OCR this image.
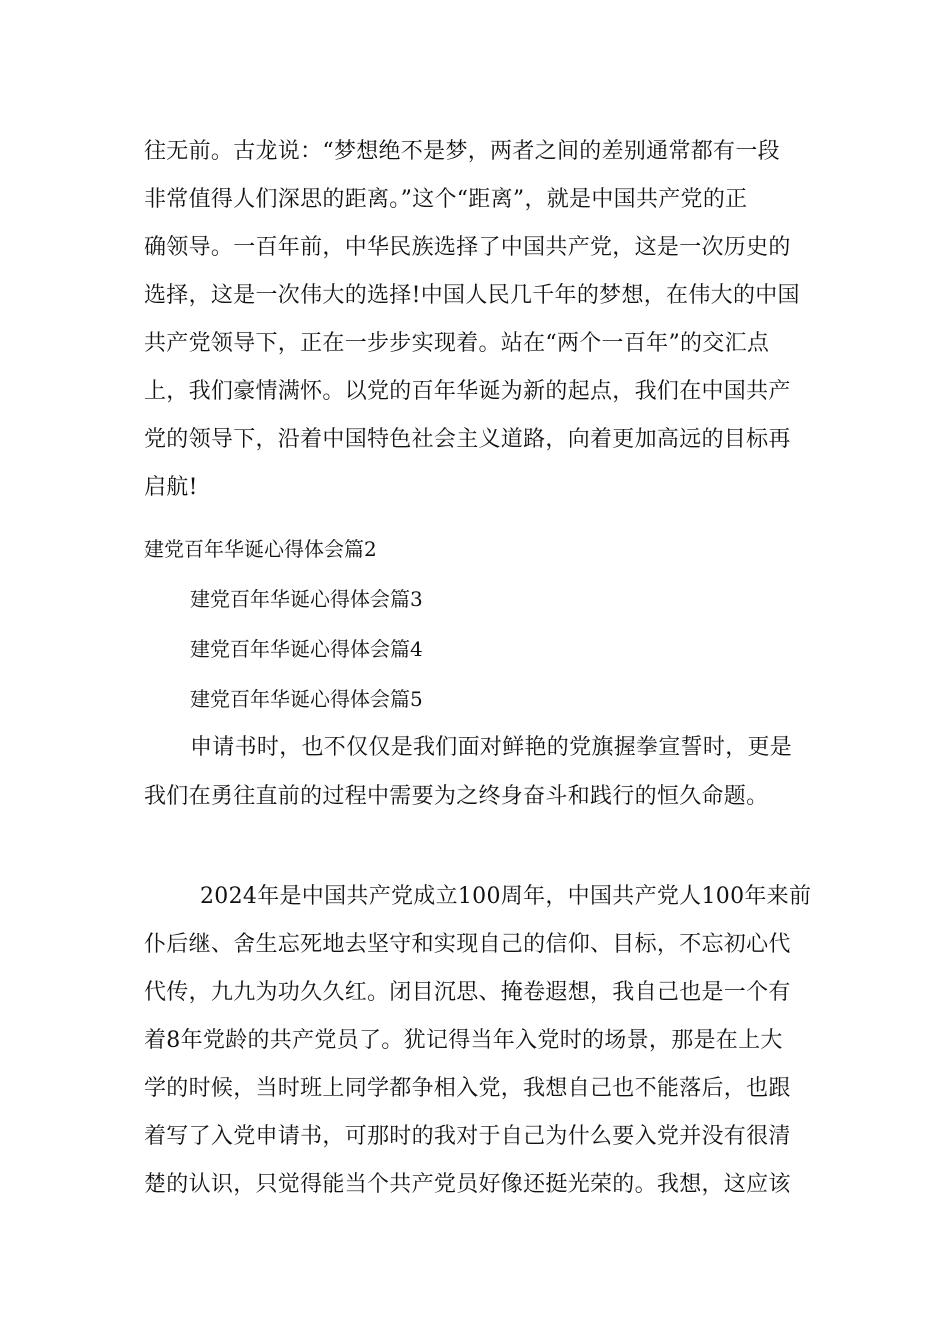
往无前。古龙说：“梦想绝不是梦，两者之间的差别通常都有一段
非常值得人们深思的距离。”这个“距离”，就是中国共产党的正
确领导。一百年前，中华民族选择了中国共产党，这是一次历史的
选择，这是一次伟大的选择!中国人民几千年的梦想，在伟大的中国
共产党领导下，正在一步步实现着。站在“两个一百年”的交汇点
上，我们豪情满怀。以党的百年华诞为新的起点，我们在中国共产
党的领导下，沿着中国特色社会主义道路，向着更加高远的目标再
启航!
建党百年华诞心得体会篇2
建党百年华诞心得体会篇3
建党百年华诞心得体会篇4
建党百年华诞心得体会篇5
申请书时，也不仅仅是我们面对鲜艳的党旗握拳宣誓时，更是
我们在勇往直前的过程中需要为之终身奋斗和践行的恒久命题。
2024年是中国共产党成立100周年，中国共产党人100年来前
仆后继、舍生忘死地去坚守和实现自己的信仰、目标，不忘初心代
代传，九九为功久久红。闭目沉思、掩卷遐想，我自己也是一个有
着8年党龄的共产党员了。犹记得当年入党时的场景，那是在上大
学的时候，当时班上同学都争相入党，我想自己也不能落后，也跟
着写了入党申请书，可那时的我对于自己为什么要入党并没有很清
楚的认识，只觉得能当个共产党员好像还挺光荣的。我想，这应该
